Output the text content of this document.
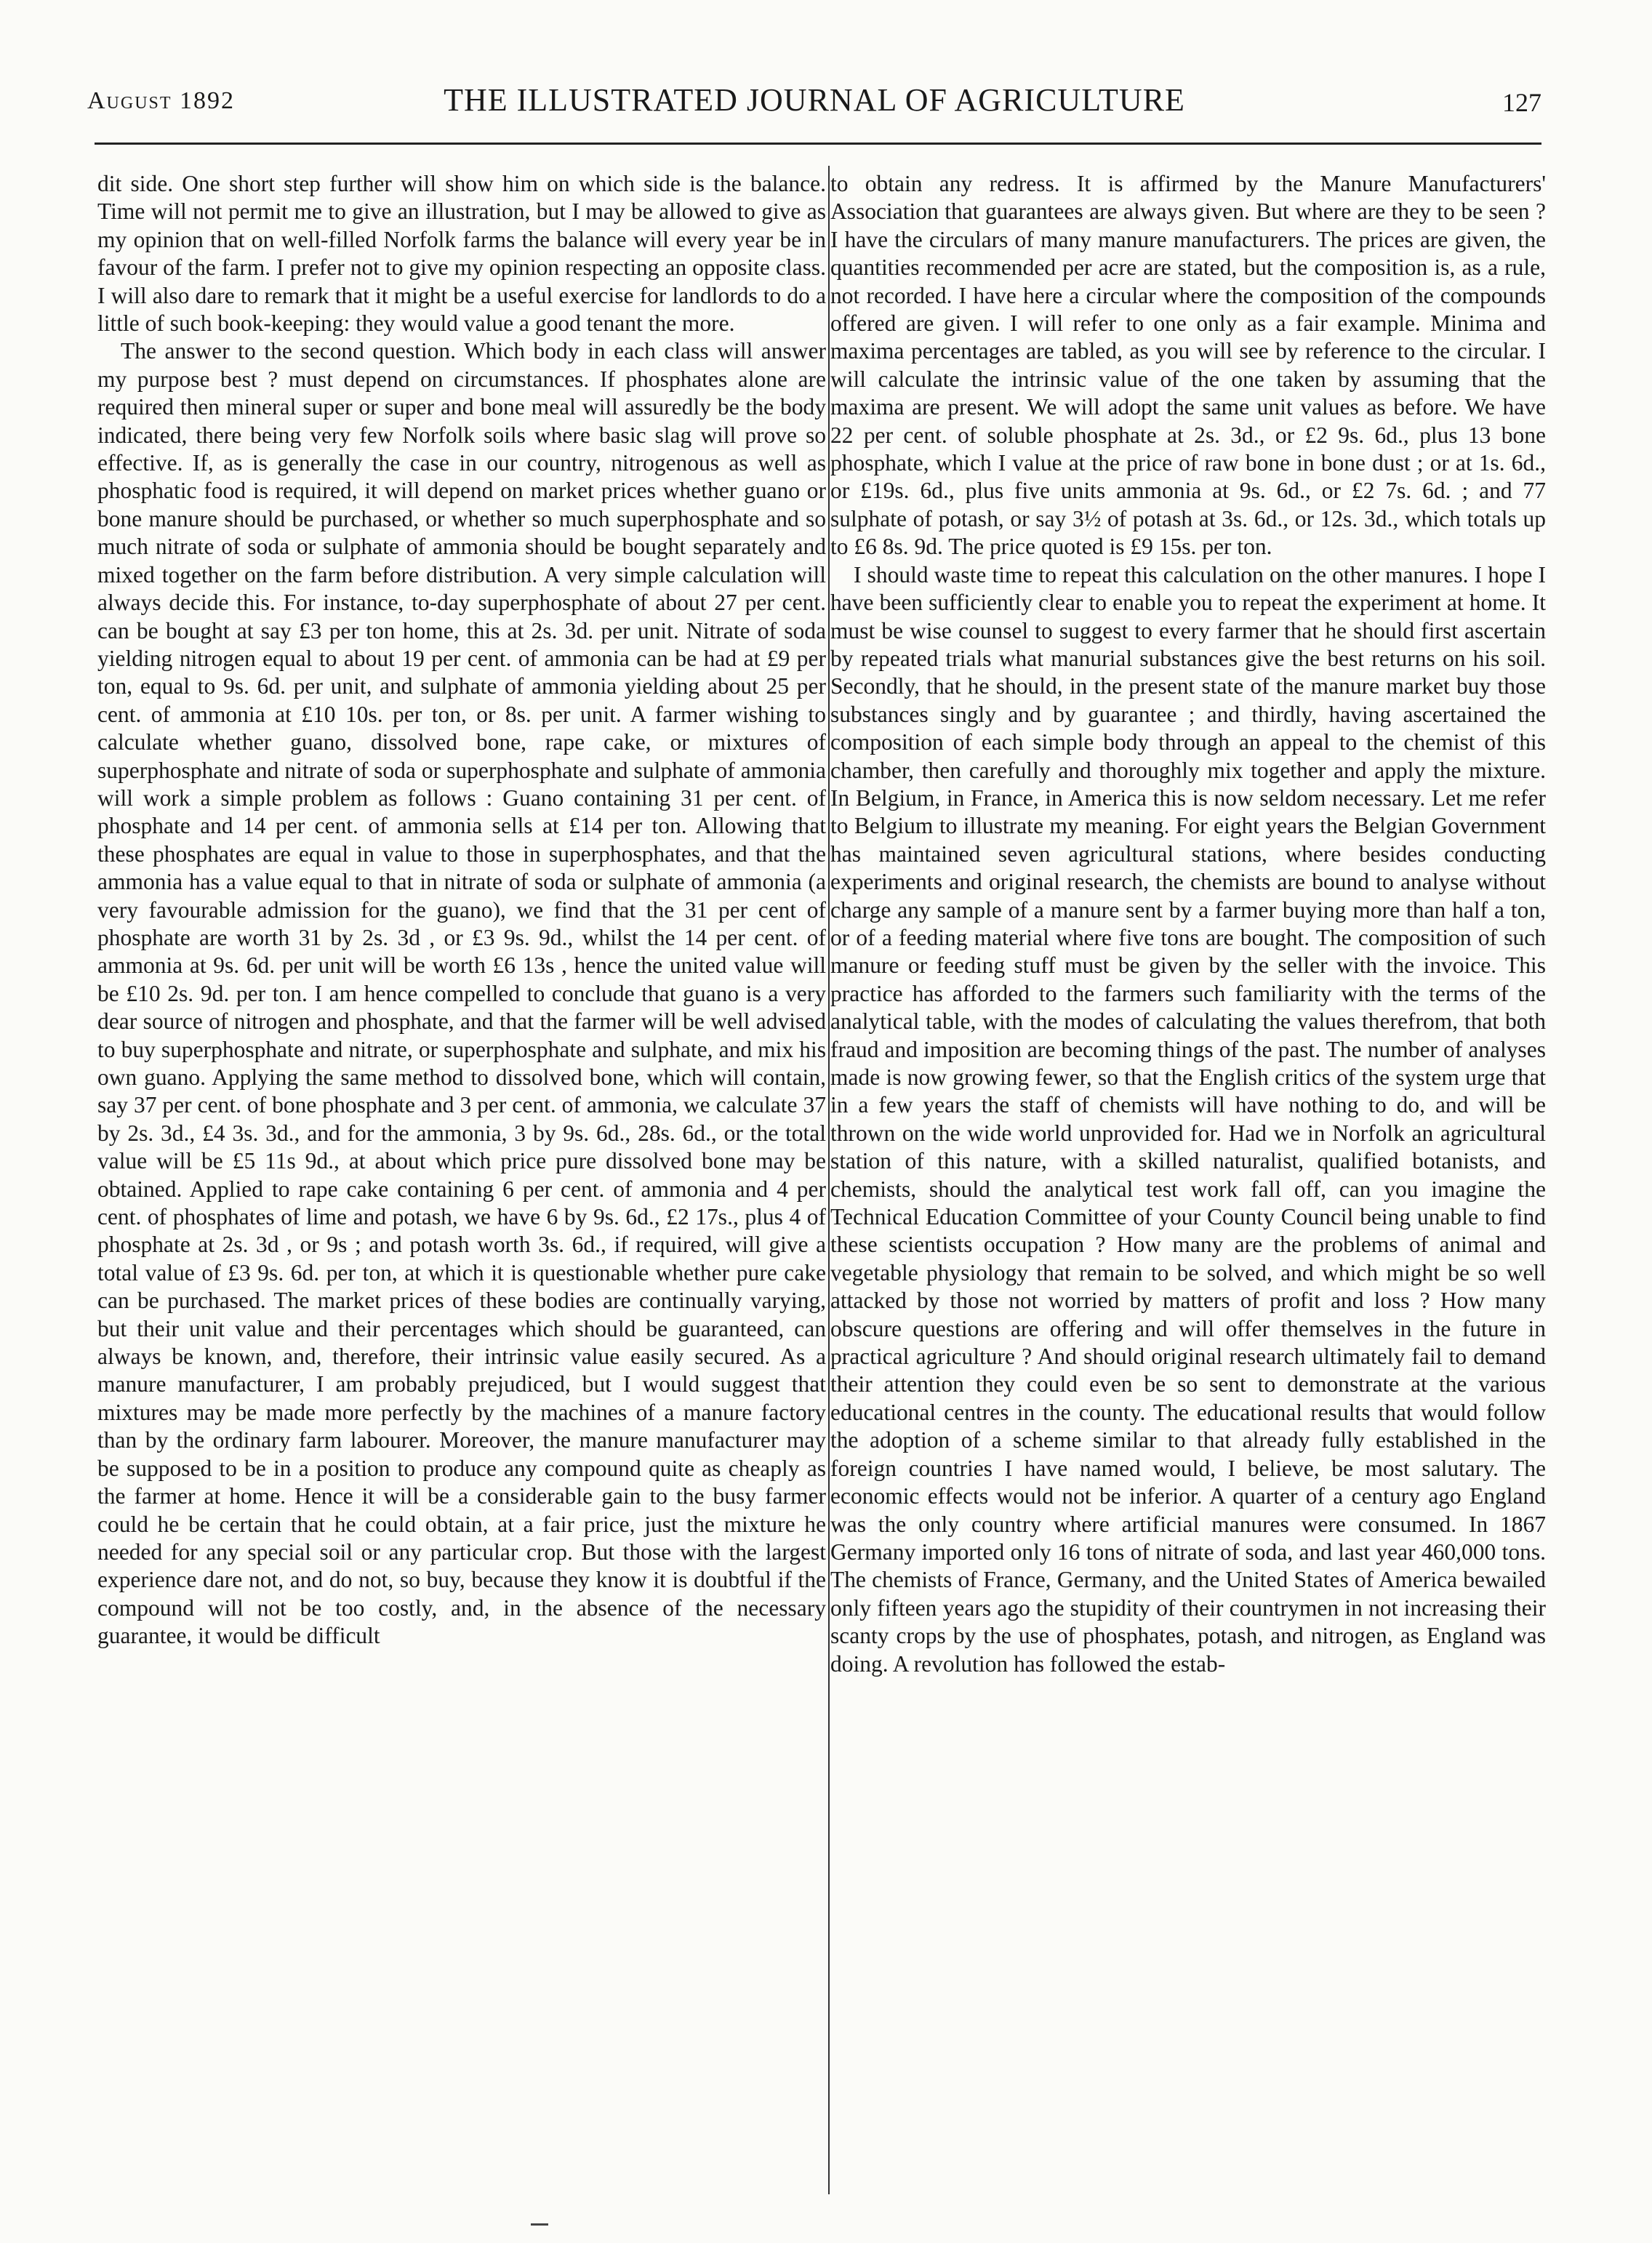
August 1892	THE ILLUSTRATED JOURNAL OF AGRICULTURE	127

dit side. One short step further will show him on which side is the balance. Time will not permit me to give an illustration, but I may be allowed to give as my opinion that on well-filled Norfolk farms the balance will every year be in favour of the farm. I prefer not to give my opinion respecting an opposite class. I will also dare to remark that it might be a useful exercise for landlords to do a little of such book-keeping: they would value a good tenant the more.

The answer to the second question. Which body in each class will answer my purpose best ? must depend on circumstances. If phosphates alone are required then mineral super or super and bone meal will assuredly be the body indicated, there being very few Norfolk soils where basic slag will prove so effective. If, as is generally the case in our country, nitrogenous as well as phosphatic food is required, it will depend on market prices whether guano or bone manure should be purchased, or whether so much superphosphate and so much nitrate of soda or sulphate of ammonia should be bought separately and mixed together on the farm before distribution. A very simple calculation will always decide this. For instance, to-day superphosphate of about 27 per cent. can be bought at say £3 per ton home, this at 2s. 3d. per unit. Nitrate of soda yielding nitrogen equal to about 19 per cent. of ammonia can be had at £9 per ton, equal to 9s. 6d. per unit, and sulphate of ammonia yielding about 25 per cent. of ammonia at £10 10s. per ton, or 8s. per unit. A farmer wishing to calculate whether guano, dissolved bone, rape cake, or mixtures of superphosphate and nitrate of soda or superphosphate and sulphate of ammonia will work a simple problem as follows : Guano containing 31 per cent. of phosphate and 14 per cent. of ammonia sells at £14 per ton. Allowing that these phosphates are equal in value to those in superphosphates, and that the ammonia has a value equal to that in nitrate of soda or sulphate of ammonia (a very favourable admission for the guano), we find that the 31 per cent of phosphate are worth 31 by 2s. 3d , or £3 9s. 9d., whilst the 14 per cent. of ammonia at 9s. 6d. per unit will be worth £6 13s , hence the united value will be £10 2s. 9d. per ton. I am hence compelled to conclude that guano is a very dear source of nitrogen and phosphate, and that the farmer will be well advised to buy superphosphate and nitrate, or superphosphate and sulphate, and mix his own guano. Applying the same method to dissolved bone, which will contain, say 37 per cent. of bone phosphate and 3 per cent. of ammonia, we calculate 37 by 2s. 3d., £4 3s. 3d., and for the ammonia, 3 by 9s. 6d., 28s. 6d., or the total value will be £5 11s 9d., at about which price pure dissolved bone may be obtained. Applied to rape cake containing 6 per cent. of ammonia and 4 per cent. of phosphates of lime and potash, we have 6 by 9s. 6d., £2 17s., plus 4 of phosphate at 2s. 3d , or 9s ; and potash worth 3s. 6d., if required, will give a total value of £3 9s. 6d. per ton, at which it is questionable whether pure cake can be purchased. The market prices of these bodies are continually varying, but their unit value and their percentages which should be guaranteed, can always be known, and, therefore, their intrinsic value easily secured. As a manure manufacturer, I am probably prejudiced, but I would suggest that mixtures may be made more perfectly by the machines of a manure factory than by the ordinary farm labourer. Moreover, the manure manufacturer may be supposed to be in a position to produce any compound quite as cheaply as the farmer at home. Hence it will be a considerable gain to the busy farmer could he be certain that he could obtain, at a fair price, just the mixture he needed for any special soil or any particular crop. But those with the largest experience dare not, and do not, so buy, because they know it is doubtful if the compound will not be too costly, and, in the absence of the necessary guarantee, it would be difficult

to obtain any redress. It is affirmed by the Manure Manufacturers' Association that guarantees are always given. But where are they to be seen ? I have the circulars of many manure manufacturers. The prices are given, the quantities recommended per acre are stated, but the composition is, as a rule, not recorded. I have here a circular where the composition of the compounds offered are given. I will refer to one only as a fair example. Minima and maxima percentages are tabled, as you will see by reference to the circular. I will calculate the intrinsic value of the one taken by assuming that the maxima are present. We will adopt the same unit values as before. We have 22 per cent. of soluble phosphate at 2s. 3d., or £2 9s. 6d., plus 13 bone phosphate, which I value at the price of raw bone in bone dust ; or at 1s. 6d., or £19s. 6d., plus five units ammonia at 9s. 6d., or £2 7s. 6d. ; and 77 sulphate of potash, or say 3½ of potash at 3s. 6d., or 12s. 3d., which totals up to £6 8s. 9d. The price quoted is £9 15s. per ton.

I should waste time to repeat this calculation on the other manures. I hope I have been sufficiently clear to enable you to repeat the experiment at home. It must be wise counsel to suggest to every farmer that he should first ascertain by repeated trials what manurial substances give the best returns on his soil. Secondly, that he should, in the present state of the manure market buy those substances singly and by guarantee ; and thirdly, having ascertained the composition of each simple body through an appeal to the chemist of this chamber, then carefully and thoroughly mix together and apply the mixture. In Belgium, in France, in America this is now seldom necessary. Let me refer to Belgium to illustrate my meaning. For eight years the Belgian Government has maintained seven agricultural stations, where besides conducting experiments and original research, the chemists are bound to analyse without charge any sample of a manure sent by a farmer buying more than half a ton, or of a feeding material where five tons are bought. The composition of such manure or feeding stuff must be given by the seller with the invoice. This practice has afforded to the farmers such familiarity with the terms of the analytical table, with the modes of calculating the values therefrom, that both fraud and imposition are becoming things of the past. The number of analyses made is now growing fewer, so that the English critics of the system urge that in a few years the staff of chemists will have nothing to do, and will be thrown on the wide world unprovided for. Had we in Norfolk an agricultural station of this nature, with a skilled naturalist, qualified botanists, and chemists, should the analytical test work fall off, can you imagine the Technical Education Committee of your County Council being unable to find these scientists occupation ? How many are the problems of animal and vegetable physiology that remain to be solved, and which might be so well attacked by those not worried by matters of profit and loss ? How many obscure questions are offering and will offer themselves in the future in practical agriculture ? And should original research ultimately fail to demand their attention they could even be so sent to demonstrate at the various educational centres in the county. The educational results that would follow the adoption of a scheme similar to that already fully established in the foreign countries I have named would, I believe, be most salutary. The economic effects would not be inferior. A quarter of a century ago England was the only country where artificial manures were consumed. In 1867 Germany imported only 16 tons of nitrate of soda, and last year 460,000 tons. The chemists of France, Germany, and the United States of America bewailed only fifteen years ago the stupidity of their countrymen in not increasing their scanty crops by the use of phosphates, potash, and nitrogen, as England was doing. A revolution has followed the estab-
